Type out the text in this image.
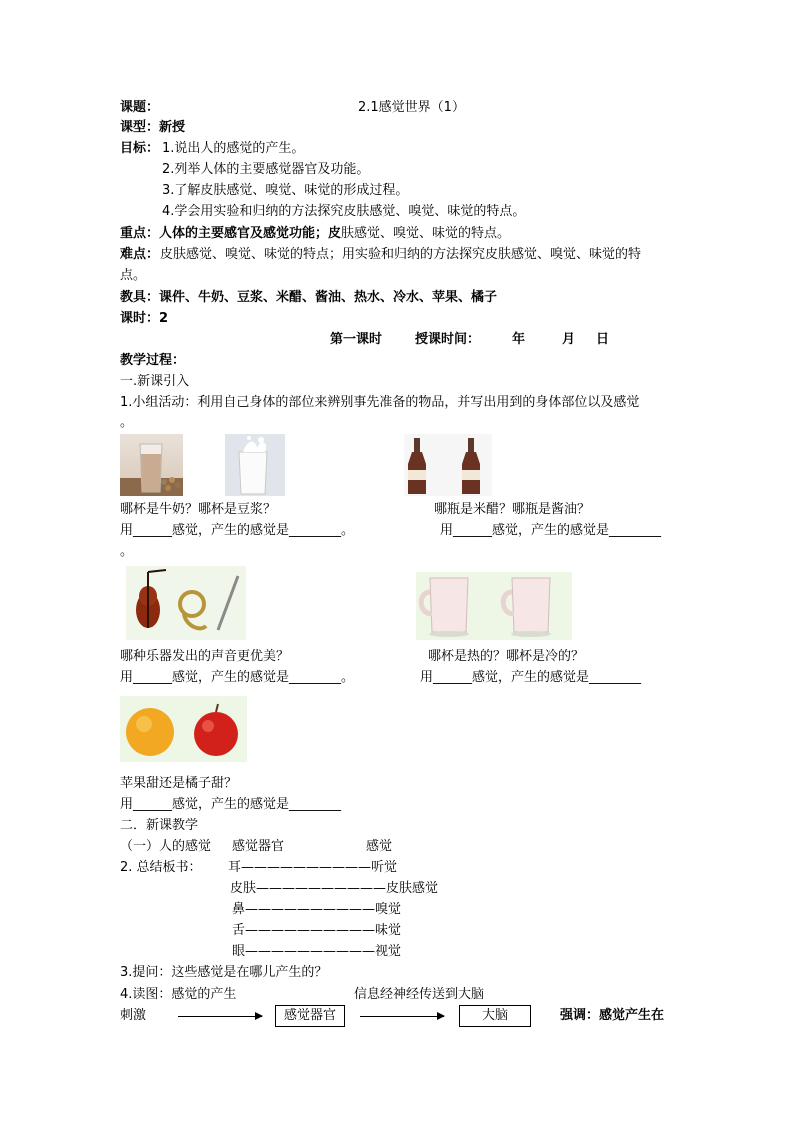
课题：	2.1感觉世界（1）
课型：新授
目标： 1.说出人的感觉的产生。
2.列举人体的主要感觉器官及功能。
3.了解皮肤感觉、嗅觉、味觉的形成过程。
4.学会用实验和归纳的方法探究皮肤感觉、嗅觉、味觉的特点。
重点：人体的主要感官及感觉功能；皮肤感觉、嗅觉、味觉的特点。
难点： 皮肤感觉、嗅觉、味觉的特点；用实验和归纳的方法探究皮肤感觉、嗅觉、味觉的特
点。
教具：课件、牛奶、豆浆、米醋、酱油、热水、冷水、苹果、橘子
课时：2
第一课时	授课时间： 年	月 日
教学过程：
一.新课引入
1.小组活动：利用自己身体的部位来辨别事先准备的物品，并写出用到的身体部位以及感觉
。
哪杯是牛奶？哪杯是豆浆？	哪瓶是米醋？哪瓶是酱油？
用______感觉，产生的感觉是________。	用______感觉，产生的感觉是________
。
哪种乐器发出的声音更优美？	哪杯是热的？哪杯是冷的？
用______感觉，产生的感觉是________。	用______感觉，产生的感觉是________
苹果甜还是橘子甜？
用______感觉，产生的感觉是________
二．新课教学
（一）人的感觉 感觉器官	感觉
2. 总结板书： 耳——————————听觉
皮肤——————————皮肤感觉
鼻——————————嗅觉
舌——————————味觉
眼——————————视觉
3.提问：这些感觉是在哪儿产生的？
4.读图：感觉的产生	信息经神经传送到大脑
刺激	感觉器官	大脑	强调：感觉产生在
